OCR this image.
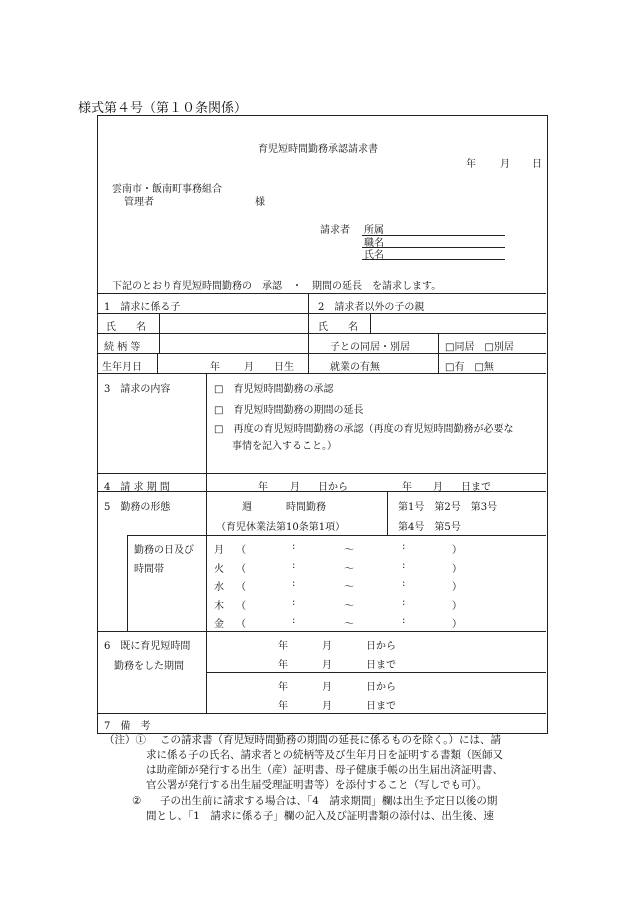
様式第４号（第１０条関係）
育児短時間勤務承認請求書
年 月 日
雲南市・飯南町事務組合
管理者	様
請求者 所属
職名
氏名
下記のとおり育児短時間勤務の　承認　・　期間の延長　を請求します。
1　請求に係る子	2　請求者以外の子の親
氏　　名	氏　　名
続 柄 等	子との同居・別居	□同居　□別居
生年月日	年 月 日生	就業の有無	□有　□無
3　請求の内容	□　育児短時間勤務の承認
□　育児短時間勤務の期間の延長
□　再度の育児短時間勤務の承認（再度の育児短時間勤務が必要な
事情を記入すること。）
4　請 求 期 間	年 月 日から	年 月 日まで
5　勤務の形態	週	時間勤務
（育児休業法第10条第1項）
第1号　第2号　第3号
第4号　第5号
勤務の日及び
時間帯
月 （	:	～	:	）
火 （	:	～	:	）
水 （	:	～	:	）
木 （	:	～	:	）
金 （	:	～	:	）
6　既に育児短時間
勤務をした期間
年	月	日から
年	月	日まで
年	月	日から
年	月	日まで
7　備　考
（注）① この請求書（育児短時間勤務の期間の延長に係るものを除く。）には、請
求に係る子の氏名、請求者との続柄等及び生年月日を証明する書類（医師又
は助産師が発行する出生（産）証明書、母子健康手帳の出生届出済証明書、
官公署が発行する出生届受理証明書等）を添付すること（写しでも可）。
② 子の出生前に請求する場合は、「4　請求期間」欄は出生予定日以後の期
間とし、「1　請求に係る子」欄の記入及び証明書類の添付は、出生後、速
